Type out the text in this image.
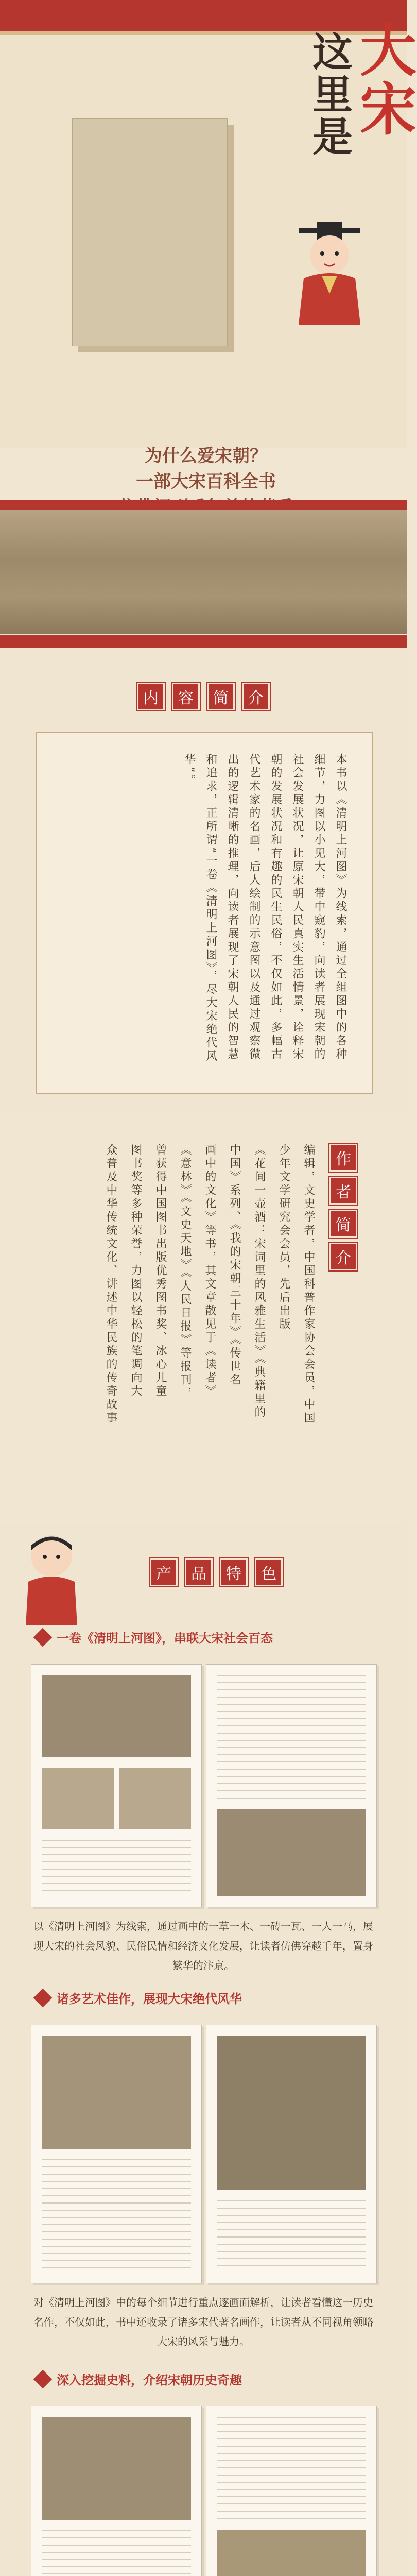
这里是
大宋
为什么爱宋朝？
一部大宋百科全书
内	容	简	介
本书以《清明上河图》为线索，通过全组图中的各种细节，力图以小见大，带中窥豹，向读者展现宋朝的社会发展状况，让原宋朝人民真实生活情景，诠释宋朝的发展状况和有趣的民生民俗，不仅如此，多幅古代艺术家的名画，后人绘制的示意图以及通过观察微出的逻辑清晰的推理，向读者展现了宋朝人民的智慧和追求，正所谓“一卷《清明上河图》，尽大宋绝代风华”。
作
者
简
介
编辑，文史学者，中国科普作家协会会员，中国
少年文学研究会会员，先后出版
《花间一壶酒：宋词里的风雅生活》《典籍里的
中国》系列、《我的宋朝三十年》《传世名
画中的文化》等书，其文章散见于《读者》
《意林》《文史天地》《人民日报》等报刊，
曾获得中国图书出版优秀图书奖、冰心儿童
图书奖等多种荣誉，力图以轻松的笔调向大
众普及中华传统文化、讲述中华民族的传奇故事
产	品	特	色
一卷《清明上河图》，串联大宋社会百态
以《清明上河图》为线索，通过画中的一草一木、一砖一瓦、一人一马，展现大宋的社会风貌、民俗民情和经济文化发展，让读者仿佛穿越千年，置身繁华的汴京。
诸多艺术佳作，展现大宋绝代风华
对《清明上河图》中的每个细节进行重点逐画面解析，让读者看懂这一历史名作，不仅如此，书中还收录了诸多宋代著名画作，让读者从不同视角领略大宋的风采与魅力。
深入挖掘史料，介绍宋朝历史奇趣
